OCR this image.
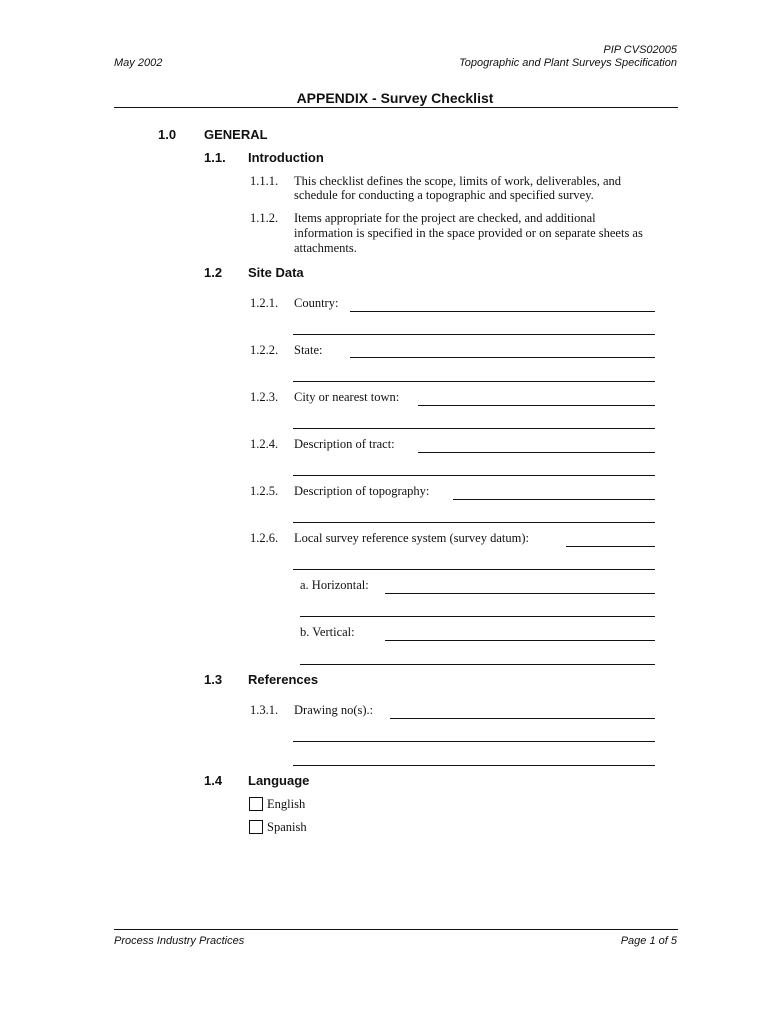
PIP CVS02005
May 2002	Topographic and Plant Surveys Specification
APPENDIX - Survey Checklist
1.0 GENERAL
1.1. Introduction
1.1.1. This checklist defines the scope, limits of work, deliverables, and
schedule for conducting a topographic and specified survey.
1.1.2. Items appropriate for the project are checked, and additional
information is specified in the space provided or on separate sheets as
attachments.
1.2 Site Data
1.2.1. Country:
1.2.2. State:
1.2.3. City or nearest town:
1.2.4. Description of tract:
1.2.5. Description of topography:
1.2.6. Local survey reference system (survey datum):
a. Horizontal:
b. Vertical:
1.3 References
1.3.1. Drawing no(s).:
1.4 Language
English
Spanish
Process Industry Practices	Page 1 of 5
